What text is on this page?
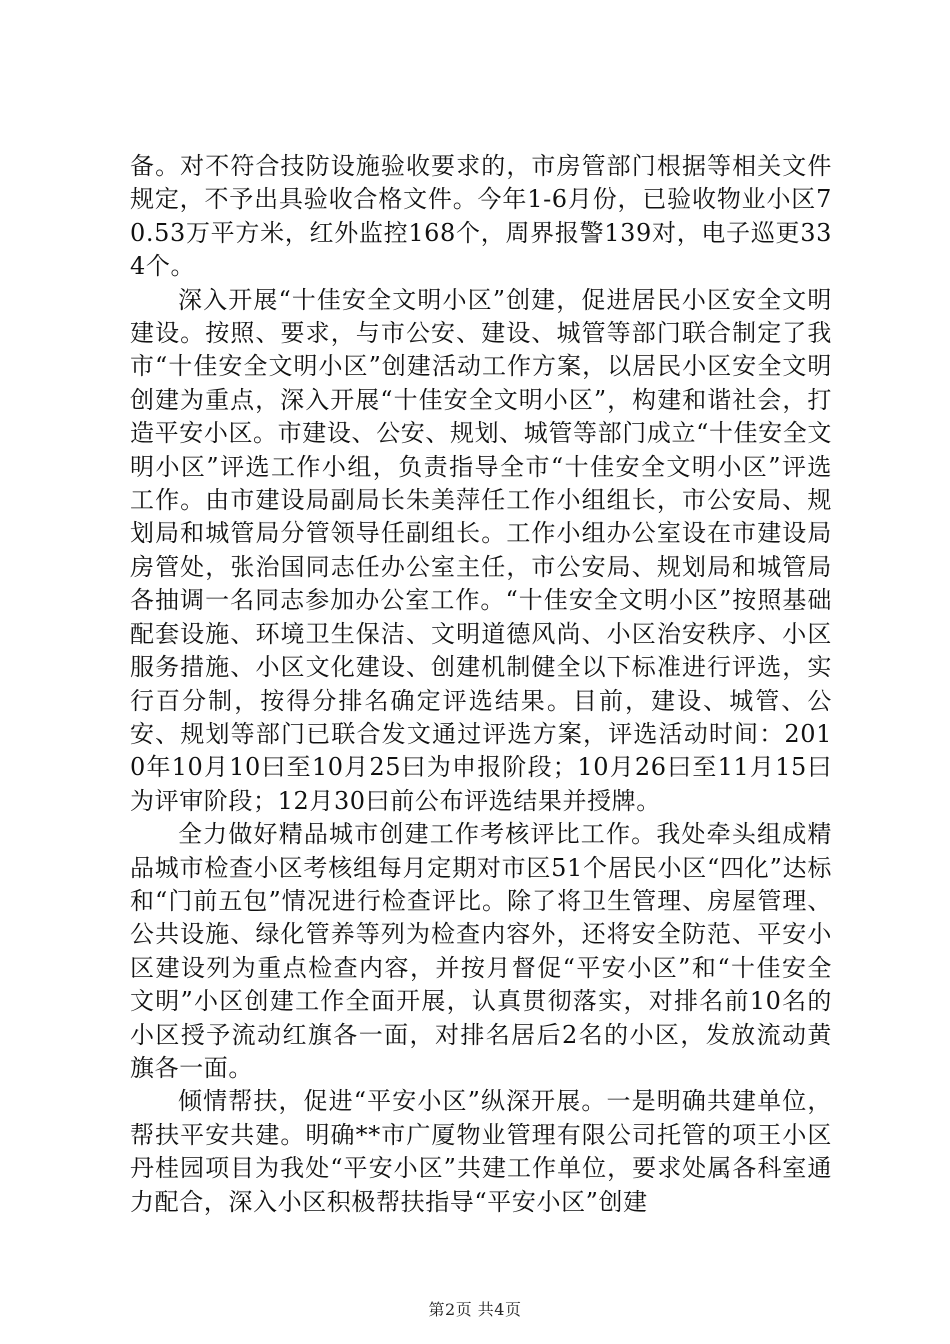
备。对不符合技防设施验收要求的，市房管部门根据等相关文件规定，不予出具验收合格文件。今年1-6月份，已验收物业小区70.53万平方米，红外监控168个，周界报警139对，电子巡更334个。

深入开展“十佳安全文明小区”创建，促进居民小区安全文明建设。按照、要求，与市公安、建设、城管等部门联合制定了我市“十佳安全文明小区”创建活动工作方案，以居民小区安全文明创建为重点，深入开展“十佳安全文明小区”，构建和谐社会，打造平安小区。市建设、公安、规划、城管等部门成立“十佳安全文明小区”评选工作小组，负责指导全市“十佳安全文明小区”评选工作。由市建设局副局长朱美萍任工作小组组长，市公安局、规划局和城管局分管领导任副组长。工作小组办公室设在市建设局房管处，张治国同志任办公室主任，市公安局、规划局和城管局各抽调一名同志参加办公室工作。“十佳安全文明小区”按照基础配套设施、环境卫生保洁、文明道德风尚、小区治安秩序、小区服务措施、小区文化建设、创建机制健全以下标准进行评选，实行百分制，按得分排名确定评选结果。目前，建设、城管、公安、规划等部门已联合发文通过评选方案，评选活动时间：2010年10月10曰至10月25曰为申报阶段；10月26曰至11月15曰为评审阶段；12月30曰前公布评选结果并授牌。

全力做好精品城市创建工作考核评比工作。我处牵头组成精品城市检查小区考核组每月定期对市区51个居民小区“四化”达标和“门前五包”情况进行检查评比。除了将卫生管理、房屋管理、公共设施、绿化管养等列为检查内容外，还将安全防范、平安小区建设列为重点检查内容，并按月督促“平安小区”和“十佳安全文明”小区创建工作全面开展，认真贯彻落实，对排名前10名的小区授予流动红旗各一面，对排名居后2名的小区，发放流动黄旗各一面。

倾情帮扶，促进“平安小区”纵深开展。一是明确共建单位，帮扶平安共建。明确**市广厦物业管理有限公司托管的项王小区丹桂园项目为我处“平安小区”共建工作单位，要求处属各科室通力配合，深入小区积极帮扶指导“平安小区”创建

第2页 共4页
